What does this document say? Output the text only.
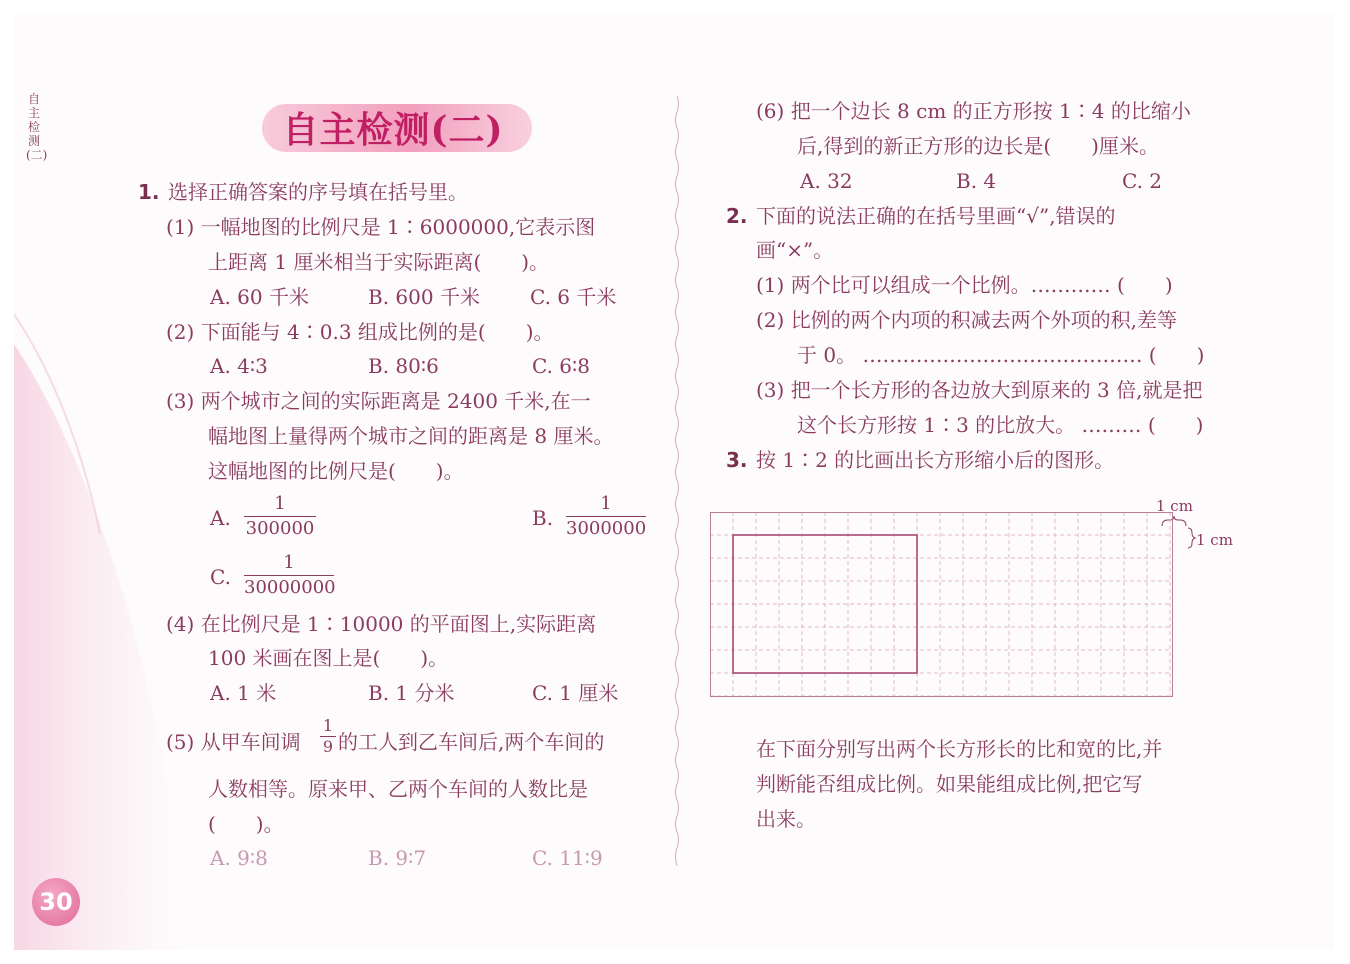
自主检测(二)
自主检测(二)
1. 选择正确答案的序号填在括号里。
(1) 一幅地图的比例尺是 1∶6000000,它表示图
上距离 1 厘米相当于实际距离(　　)。
A. 60 千米	B. 600 千米	C. 6 千米
(2) 下面能与 4∶0.3 组成比例的是(　　)。
A. 4∶3	B. 80∶6	C. 6∶8
(3) 两个城市之间的实际距离是 2400 千米,在一
幅地图上量得两个城市之间的距离是 8 厘米。
这幅地图的比例尺是(　　)。
A.
1
300000	B.
1
3000000
C.
1
30000000
(4) 在比例尺是 1∶10000 的平面图上,实际距离
100 米画在图上是(　　)。
A. 1 米	B. 1 分米	C. 1 厘米
(5) 从甲车间调
1
9 的工人到乙车间后,两个车间的
人数相等。原来甲、乙两个车间的人数比是
(　　)。
A. 9∶8	B. 9∶7	C. 11∶9
(6) 把一个边长 8 cm 的正方形按 1∶4 的比缩小
后,得到的新正方形的边长是(　　)厘米。
A. 32	B. 4	C. 2
2. 下面的说法正确的在括号里画“√”,错误的
画“×”。
(1) 两个比可以组成一个比例。………… (　　)
(2) 比例的两个内项的积减去两个外项的积,差等
于 0。 …………………………………… (　　)
(3) 把一个长方形的各边放大到原来的 3 倍,就是把
这个长方形按 1∶3 的比放大。 ……… (　　)
3. 按 1∶2 的比画出长方形缩小后的图形。
1 cm
1 cm
在下面分别写出两个长方形长的比和宽的比,并
判断能否组成比例。如果能组成比例,把它写
出来。
30
